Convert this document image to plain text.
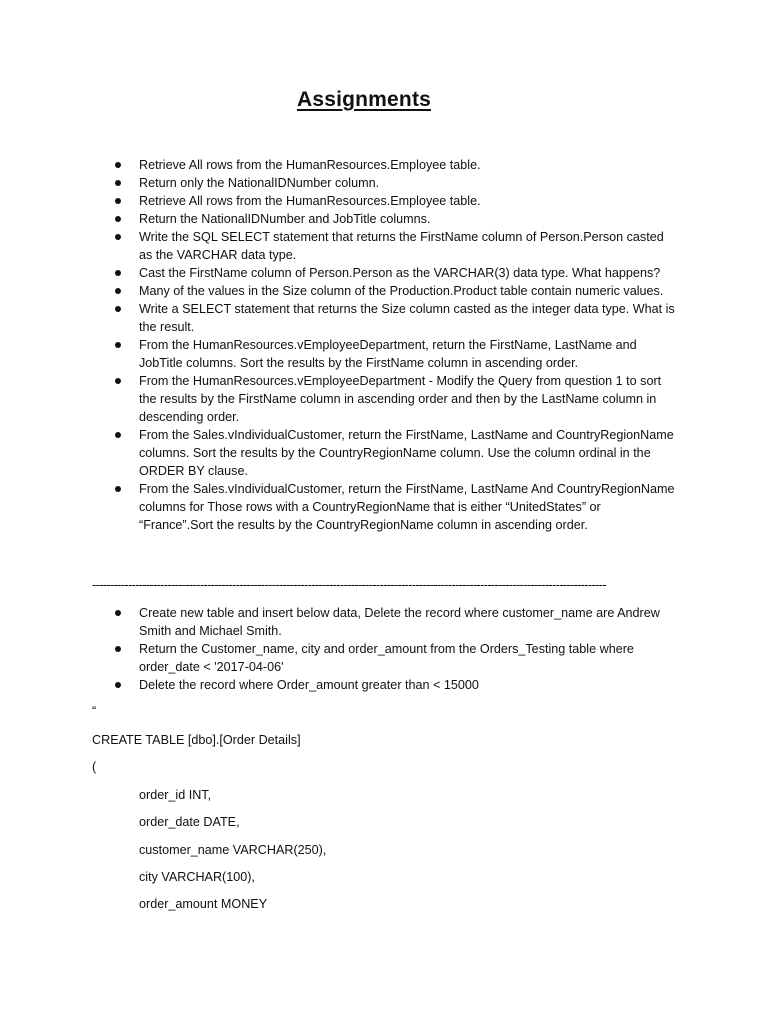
Assignments
Retrieve All rows from the HumanResources.Employee table.
Return only the NationalIDNumber column.
Retrieve All rows from the HumanResources.Employee table.
Return the NationalIDNumber and JobTitle columns.
Write the SQL SELECT statement that returns the FirstName column of Person.Person casted as the VARCHAR data type.
Cast the FirstName column of Person.Person as the VARCHAR(3) data type. What happens?
Many of the values in the Size column of the Production.Product table contain numeric values.
Write a SELECT statement that returns the Size column casted as the integer data type. What is the result.
From the HumanResources.vEmployeeDepartment, return the FirstName, LastName and JobTitle columns. Sort the results by the FirstName column in ascending order.
From the HumanResources.vEmployeeDepartment - Modify the Query from question 1 to sort the results by the FirstName column in ascending order and then by the LastName column in descending order.
From the Sales.vIndividualCustomer, return the FirstName, LastName and CountryRegionName columns. Sort the results by the CountryRegionName column. Use the column ordinal in the ORDER BY clause.
From the Sales.vIndividualCustomer, return the FirstName, LastName And CountryRegionName columns for Those rows with a CountryRegionName that is either “UnitedStates” or “France”.Sort the results by the CountryRegionName column in ascending order.
-----------------------------------------------------------------------------------------------------------------------------------------------
Create new table and insert below data, Delete the record where customer_name are Andrew Smith and Michael Smith.
Return the Customer_name, city and order_amount from the Orders_Testing table where order_date < '2017-04-06'
Delete the record where Order_amount greater than < 15000
“
CREATE TABLE [dbo].[Order Details]
(
order_id INT,
order_date DATE,
customer_name VARCHAR(250),
city VARCHAR(100),
order_amount MONEY
